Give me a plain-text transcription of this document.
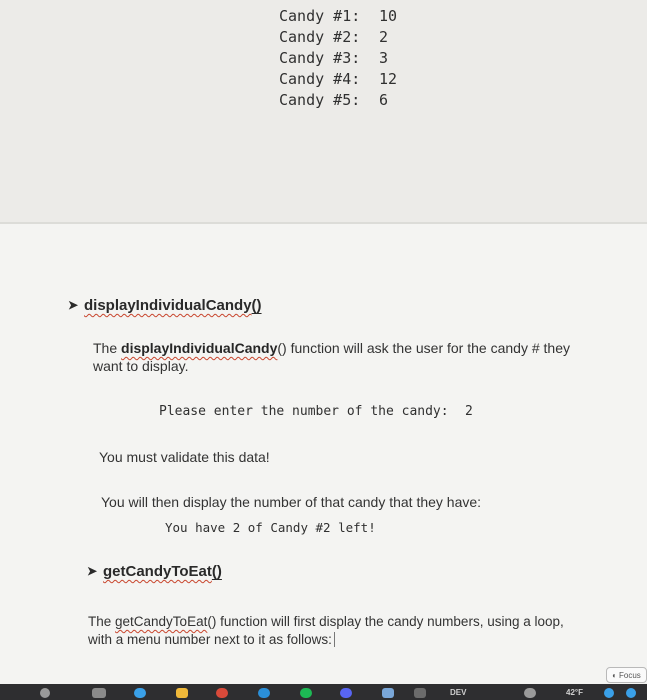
Candy #1: 10
Candy #2: 2
Candy #3: 3
Candy #4: 12
Candy #5: 6
➤ displayIndividualCandy()
The displayIndividualCandy() function will ask the user for the candy # they want to display.
Please enter the number of the candy: 2
You must validate this data!
You will then display the number of that candy that they have:
You have 2 of Candy #2 left!
➤ getCandyToEat()
The getCandyToEat() function will first display the candy numbers, using a loop, with a menu number next to it as follows:
◐ Focus
DEV	42°F
